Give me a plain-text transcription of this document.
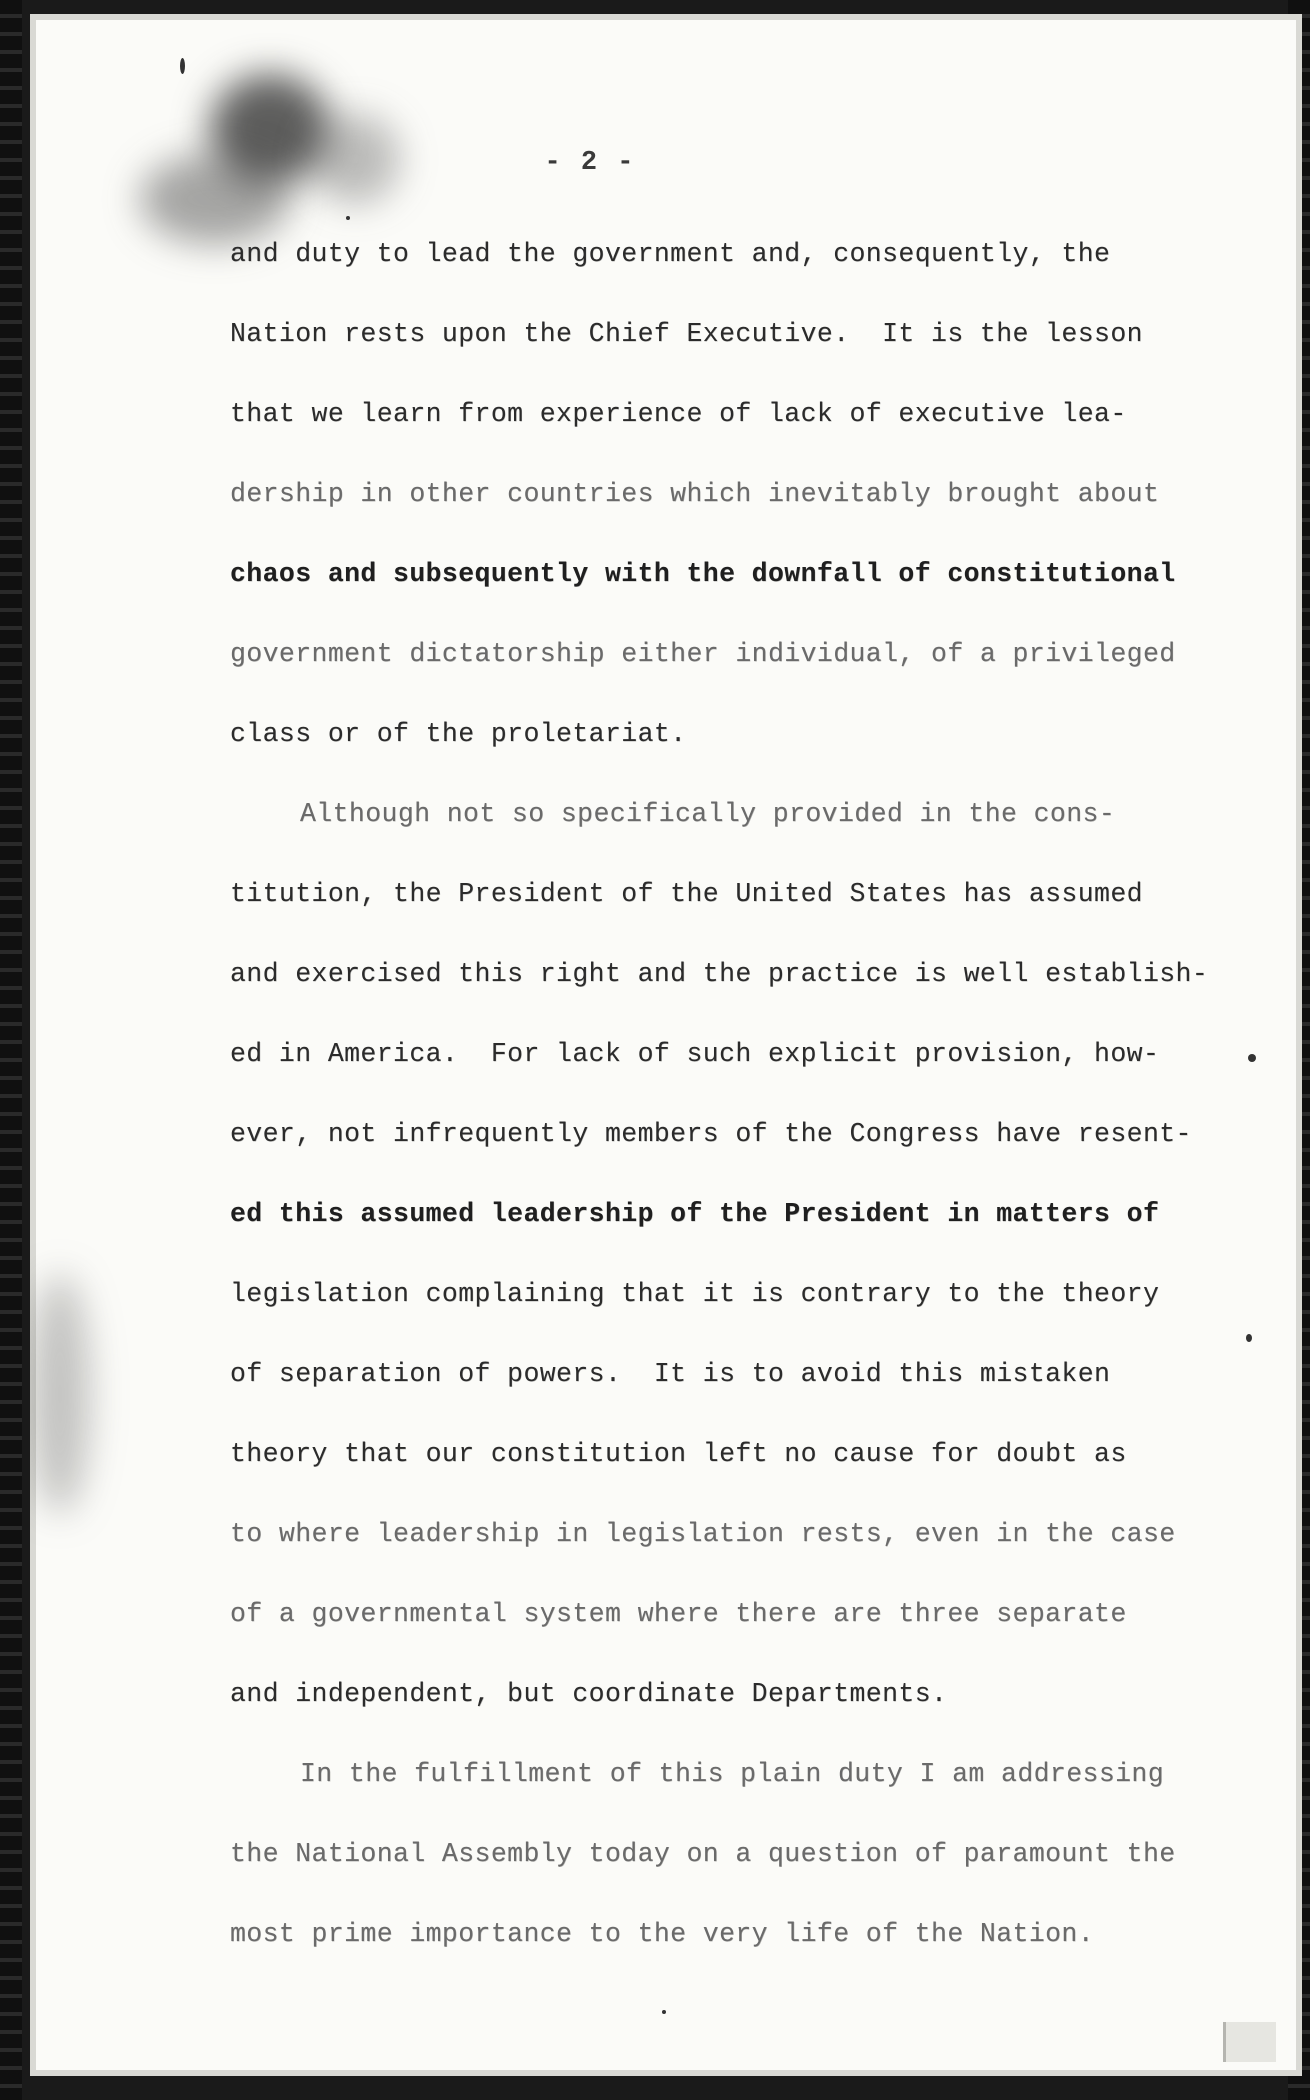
- 2 -
and duty to lead the government and, consequently, the
Nation rests upon the Chief Executive.  It is the lesson
that we learn from experience of lack of executive lea-
dership in other countries which inevitably brought about
chaos and subsequently with the downfall of constitutional
government dictatorship either individual, of a privileged
class or of the proletariat.
Although not so specifically provided in the cons-
titution, the President of the United States has assumed
and exercised this right and the practice is well establish-
ed in America.  For lack of such explicit provision, how-
ever, not infrequently members of the Congress have resent-
ed this assumed leadership of the President in matters of
legislation complaining that it is contrary to the theory
of separation of powers.  It is to avoid this mistaken
theory that our constitution left no cause for doubt as
to where leadership in legislation rests, even in the case
of a governmental system where there are three separate
and independent, but coordinate Departments.
In the fulfillment of this plain duty I am addressing
the National Assembly today on a question of paramount the
most prime importance to the very life of the Nation.
